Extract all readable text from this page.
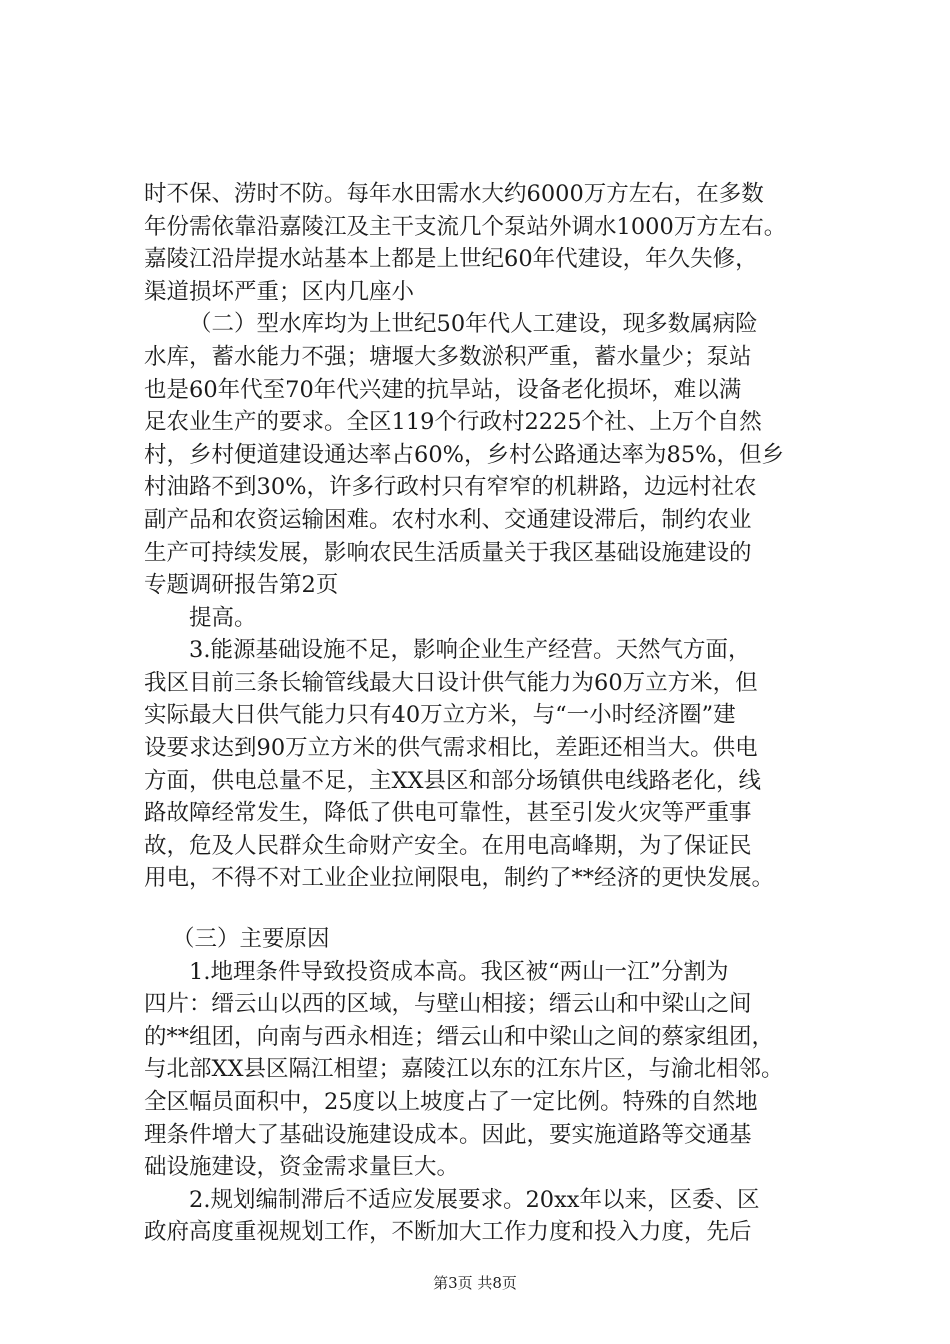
时不保、涝时不防。每年水田需水大约6000万方左右，在多数
年份需依靠沿嘉陵江及主干支流几个泵站外调水1000万方左右。
嘉陵江沿岸提水站基本上都是上世纪60年代建设，年久失修，
渠道损坏严重；区内几座小
（二）型水库均为上世纪50年代人工建设，现多数属病险
水库，蓄水能力不强；塘堰大多数淤积严重，蓄水量少；泵站
也是60年代至70年代兴建的抗旱站，设备老化损坏，难以满
足农业生产的要求。全区119个行政村2225个社、上万个自然
村，乡村便道建设通达率占60%，乡村公路通达率为85%，但乡
村油路不到30%，许多行政村只有窄窄的机耕路，边远村社农
副产品和农资运输困难。农村水利、交通建设滞后，制约农业
生产可持续发展，影响农民生活质量关于我区基础设施建设的
专题调研报告第2页
提高。
3.能源基础设施不足，影响企业生产经营。天然气方面，
我区目前三条长输管线最大日设计供气能力为60万立方米，但
实际最大日供气能力只有40万立方米，与“一小时经济圈”建
设要求达到90万立方米的供气需求相比，差距还相当大。供电
方面，供电总量不足，主XX县区和部分场镇供电线路老化，线
路故障经常发生，降低了供电可靠性，甚至引发火灾等严重事
故，危及人民群众生命财产安全。在用电高峰期，为了保证民
用电，不得不对工业企业拉闸限电，制约了**经济的更快发展。
（三）主要原因
1.地理条件导致投资成本高。我区被“两山一江”分割为
四片：缙云山以西的区域，与壁山相接；缙云山和中梁山之间
的**组团，向南与西永相连；缙云山和中梁山之间的蔡家组团，
与北部XX县区隔江相望；嘉陵江以东的江东片区，与渝北相邻。
全区幅员面积中，25度以上坡度占了一定比例。特殊的自然地
理条件增大了基础设施建设成本。因此，要实施道路等交通基
础设施建设，资金需求量巨大。
2.规划编制滞后不适应发展要求。20xx年以来，区委、区
政府高度重视规划工作，不断加大工作力度和投入力度，先后
第3页 共8页
